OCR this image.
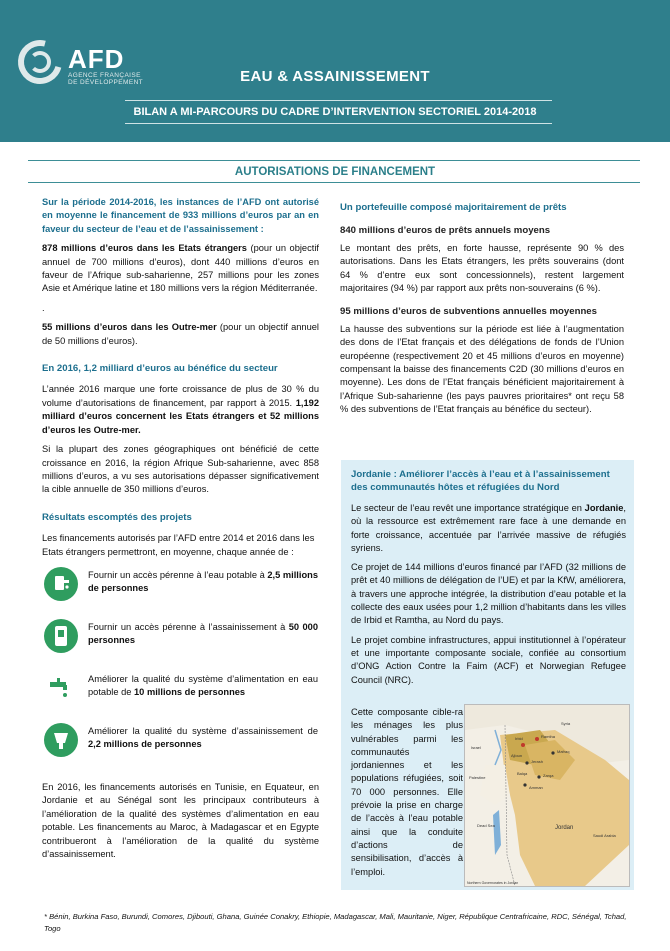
AFD
AGENCE FRANÇAISE DE DÉVELOPPEMENT	EAU & ASSAINISSEMENT
BILAN A MI-PARCOURS DU CADRE D’INTERVENTION SECTORIEL 2014-2018
AUTORISATIONS DE FINANCEMENT

Sur la période 2014-2016, les instances de l’AFD ont autorisé en moyenne le financement de 933 millions d’euros par an en faveur du secteur de l’eau et de l’assainissement :

878 millions d’euros dans les Etats étrangers (pour un objectif annuel de 700 millions d’euros), dont 440 millions d’euros en faveur de l’Afrique sub-saharienne, 257 millions pour les zones Asie et Amérique latine et 180 millions vers la région Méditerranée.

.

55 millions d’euros dans les Outre-mer (pour un objectif annuel de 50 millions d’euros).

En 2016, 1,2 milliard d’euros au bénéfice du secteur

L’année 2016 marque une forte croissance de plus de 30 % du volume d’autorisations de financement, par rapport à 2015. 1,192 milliard d’euros concernent les Etats étrangers et 52 millions d’euros les Outre-mer.

Si la plupart des zones géographiques ont bénéficié de cette croissance en 2016, la région Afrique Sub-saharienne, avec 858 millions d’euros, a vu ses autorisations dépasser significativement la cible annuelle de 350 millions d’euros.

Résultats escomptés des projets

Les financements autorisés par l’AFD entre 2014 et 2016 dans les Etats étrangers permettront, en moyenne, chaque année de :

Fournir un accès pérenne à l’eau potable à 2,5 millions de personnes
Fournir un accès pérenne à l’assainissement à 50 000 personnes
Améliorer la qualité du système d’alimentation en eau potable de 10 millions de personnes
Améliorer la qualité du système d’assainissement de 2,2 millions de personnes

En 2016, les financements autorisés en Tunisie, en Equateur, en Jordanie et au Sénégal sont les principaux contributeurs à l’amélioration de la qualité des systèmes d’alimentation en eau potable. Les financements au Maroc, à Madagascar et en Egypte contribueront à l’amélioration de la qualité du système d’assainissement.

Un portefeuille composé majoritairement de prêts
840 millions d’euros de prêts annuels moyens

Le montant des prêts, en forte hausse, représente 90 % des autorisations. Dans les Etats étrangers, les prêts souverains (dont 64 % d’entre eux sont concessionnels), restent largement majoritaires (94 %) par rapport aux prêts non-souverains (6 %).

95 millions d’euros de subventions annuelles moyennes

La hausse des subventions sur la période est liée à l’augmentation des dons de l’Etat français et des délégations de fonds de l’Union européenne (respectivement 20 et 45 millions d’euros en moyenne) compensant la baisse des financements C2D (30 millions d’euros en moyenne). Les dons de l’Etat français bénéficient majoritairement à l’Afrique Sub-saharienne (les pays pauvres prioritaires* ont reçu 58 % des subventions de l’Etat français au bénéfice du secteur).

Jordanie : Améliorer l’accès à l’eau et à l’assainissement des communautés hôtes et réfugiées du Nord

Le secteur de l’eau revêt une importance stratégique en Jordanie, où la ressource est extrêmement rare face à une demande en forte croissance, accentuée par l’arrivée massive de réfugiés syriens.

Ce projet de 144 millions d’euros financé par l’AFD (32 millions de prêt et 40 millions de délégation de l’UE) et par la KfW, améliorera, à travers une approche intégrée, la distribution d’eau potable et la collecte des eaux usées pour 1,2 million d’habitants dans les villes de Irbid et Ramtha, au Nord du pays.

Le projet combine infrastructures, appui institutionnel à l’opérateur et une importante composante sociale, confiée au consortium d’ONG Action Contre la Faim (ACF) et Norwegian Refugee Council (NRC).

Cette composante cible-ra les ménages les plus vulnérables parmi les communautés jordaniennes et les populations réfugiées, soit 70 000 personnes. Elle prévoie la prise en charge de l’accès à l’eau potable ainsi que la conduite d’actions de sensibilisation, d’accès à l’emploi.
Syria
Irbid	Ramtha
Mafraq
Jerash
Ajloun
Balqa
Amman
Zarqa
Palestine
Israel
Dead Sea	Jordan
Saudi Arabia
Northern Governorates in Jordan
* Bénin, Burkina Faso, Burundi, Comores, Djibouti, Ghana, Guinée Conakry, Ethiopie, Madagascar, Mali, Mauritanie, Niger, République Centrafricaine, RDC, Sénégal, Tchad, Togo
